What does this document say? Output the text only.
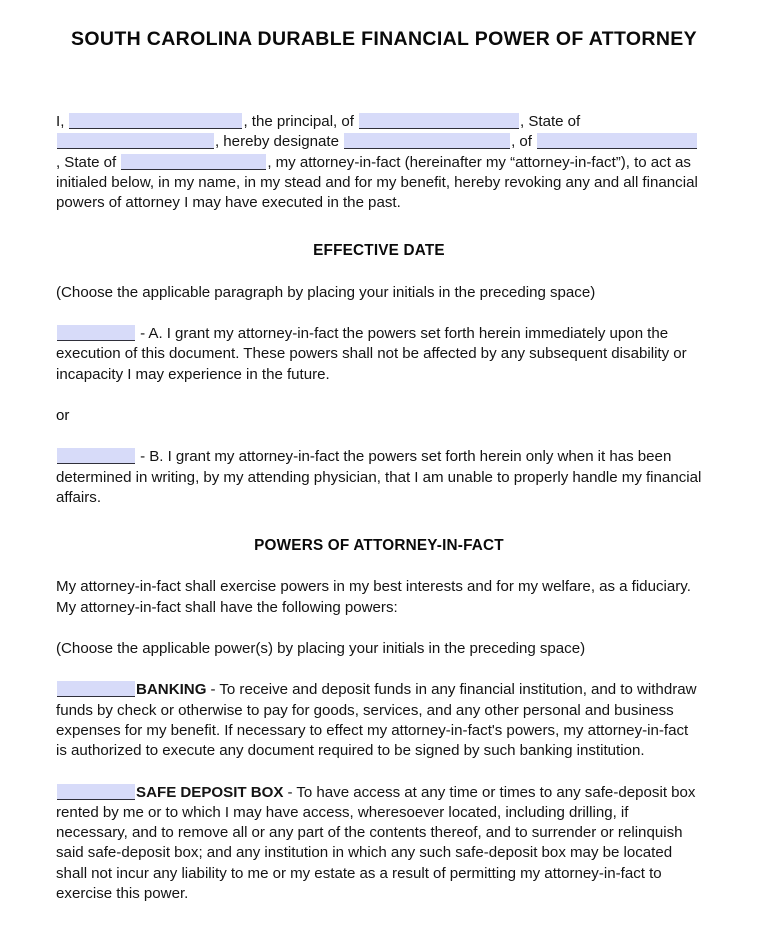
SOUTH CAROLINA DURABLE FINANCIAL POWER OF ATTORNEY

I,	, the principal, of	, State of , hereby designate	, of , State of	, my attorney-in-fact (hereinafter my “attorney-in-fact”), to act as initialed below, in my name, in my stead and for my benefit, hereby revoking any and all financial powers of attorney I may have executed in the past.

EFFECTIVE DATE

(Choose the applicable paragraph by placing your initials in the preceding space)

- A. I grant my attorney-in-fact the powers set forth herein immediately upon the execution of this document. These powers shall not be affected by any subsequent disability or incapacity I may experience in the future.

or

- B. I grant my attorney-in-fact the powers set forth herein only when it has been determined in writing, by my attending physician, that I am unable to properly handle my financial affairs.

POWERS OF ATTORNEY-IN-FACT

My attorney-in-fact shall exercise powers in my best interests and for my welfare, as a fiduciary. My attorney-in-fact shall have the following powers:

(Choose the applicable power(s) by placing your initials in the preceding space)

BANKING - To receive and deposit funds in any financial institution, and to withdraw funds by check or otherwise to pay for goods, services, and any other personal and business expenses for my benefit. If necessary to effect my attorney-in-fact's powers, my attorney-in-fact is authorized to execute any document required to be signed by such banking institution.

SAFE DEPOSIT BOX - To have access at any time or times to any safe-deposit box rented by me or to which I may have access, wheresoever located, including drilling, if necessary, and to remove all or any part of the contents thereof, and to surrender or relinquish said safe-deposit box; and any institution in which any such safe-deposit box may be located shall not incur any liability to me or my estate as a result of permitting my attorney-in-fact to exercise this power.
